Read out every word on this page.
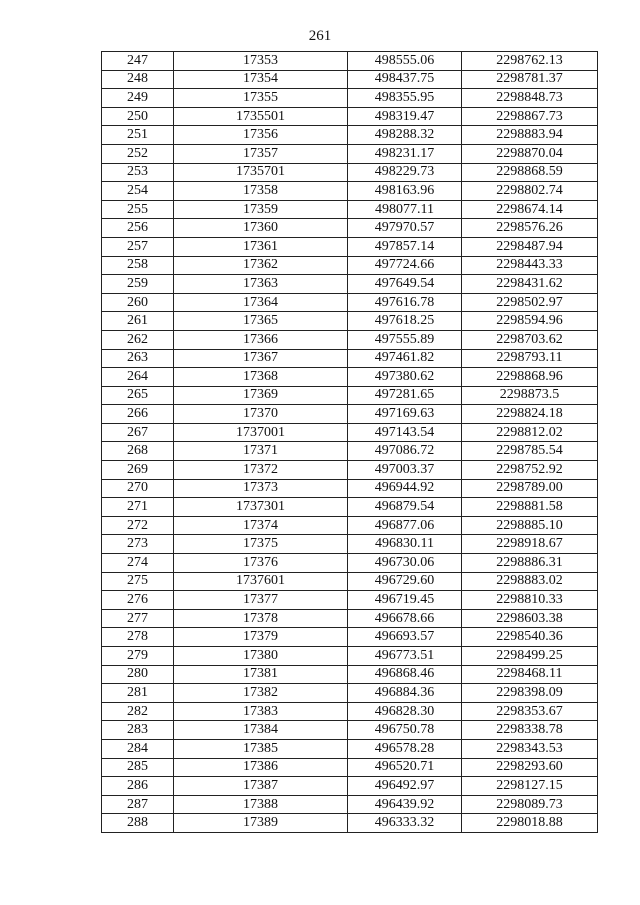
261
247	17353	498555.06	2298762.13
248	17354	498437.75	2298781.37
249	17355	498355.95	2298848.73
250	1735501	498319.47	2298867.73
251	17356	498288.32	2298883.94
252	17357	498231.17	2298870.04
253	1735701	498229.73	2298868.59
254	17358	498163.96	2298802.74
255	17359	498077.11	2298674.14
256	17360	497970.57	2298576.26
257	17361	497857.14	2298487.94
258	17362	497724.66	2298443.33
259	17363	497649.54	2298431.62
260	17364	497616.78	2298502.97
261	17365	497618.25	2298594.96
262	17366	497555.89	2298703.62
263	17367	497461.82	2298793.11
264	17368	497380.62	2298868.96
265	17369	497281.65	2298873.5
266	17370	497169.63	2298824.18
267	1737001	497143.54	2298812.02
268	17371	497086.72	2298785.54
269	17372	497003.37	2298752.92
270	17373	496944.92	2298789.00
271	1737301	496879.54	2298881.58
272	17374	496877.06	2298885.10
273	17375	496830.11	2298918.67
274	17376	496730.06	2298886.31
275	1737601	496729.60	2298883.02
276	17377	496719.45	2298810.33
277	17378	496678.66	2298603.38
278	17379	496693.57	2298540.36
279	17380	496773.51	2298499.25
280	17381	496868.46	2298468.11
281	17382	496884.36	2298398.09
282	17383	496828.30	2298353.67
283	17384	496750.78	2298338.78
284	17385	496578.28	2298343.53
285	17386	496520.71	2298293.60
286	17387	496492.97	2298127.15
287	17388	496439.92	2298089.73
288	17389	496333.32	2298018.88
